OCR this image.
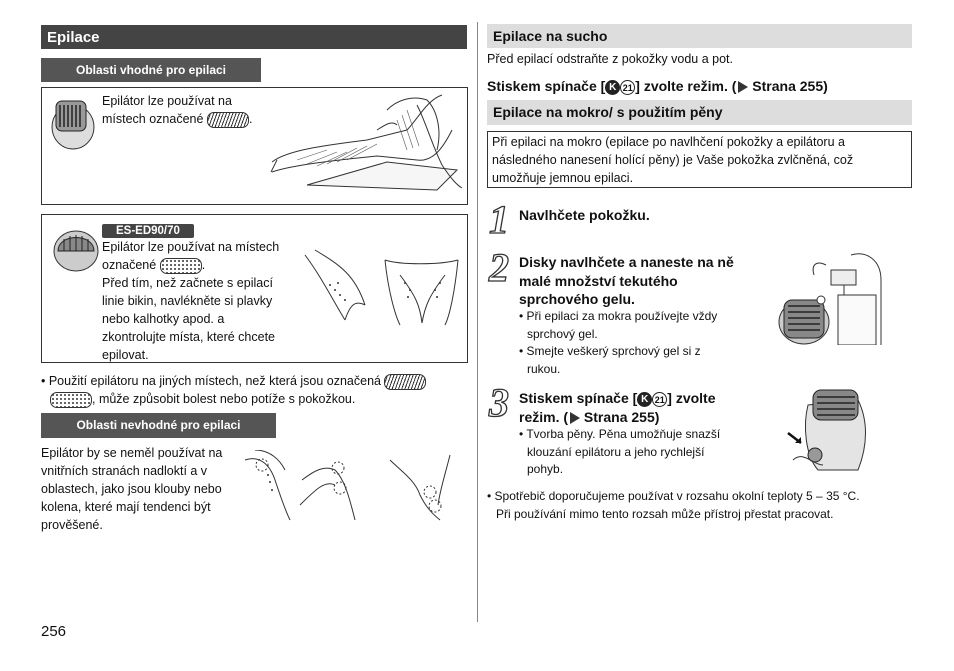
Epilace
Oblasti vhodné pro epilaci
Epilátor lze používat na
místech označené	.
ES-ED90/70
Epilátor lze používat na místech
označené	.
Před tím, než začnete s epilací
linie bikin, navlékněte si plavky
nebo kalhotky apod. a
zkontrolujte místa, které chcete
epilovat.
• Použití epilátoru na jiných místech, než která jsou označená
, může způsobit bolest nebo potíže s pokožkou.
Oblasti nevhodné pro epilaci
Epilátor by se neměl používat na
vnitřních stranách nadloktí a v
oblastech, jako jsou klouby nebo
kolena, které mají tendenci být
prověšené.
256
Epilace na sucho
Před epilací odstraňte z pokožky vodu a pot.
Stiskem spínače [ K 21 ] zvolte režim. ( Strana 255)
Epilace na mokro/ s použitím pěny
Při epilaci na mokro (epilace po navlhčení pokožky a epilátoru a
následného nanesení holící pěny) je Vaše pokožka zvlčněná, což
umožňuje jemnou epilaci.
1 Navlhčete pokožku.
2 Disky navlhčete a naneste na ně
malé množství tekutého
sprchového gelu.
• Při epilaci za mokra používejte vždy
sprchový gel.
• Smejte veškerý sprchový gel si z
rukou.
3 Stiskem spínače [ K 21 ] zvolte
režim. ( Strana 255)
• Tvorba pěny. Pěna umožňuje snazší
klouzání epilátoru a jeho rychlejší
pohyb.
• Spotřebič doporučujeme používat v rozsahu okolní teploty 5 – 35 °C.
Při používání mimo tento rozsah může přístroj přestat pracovat.
